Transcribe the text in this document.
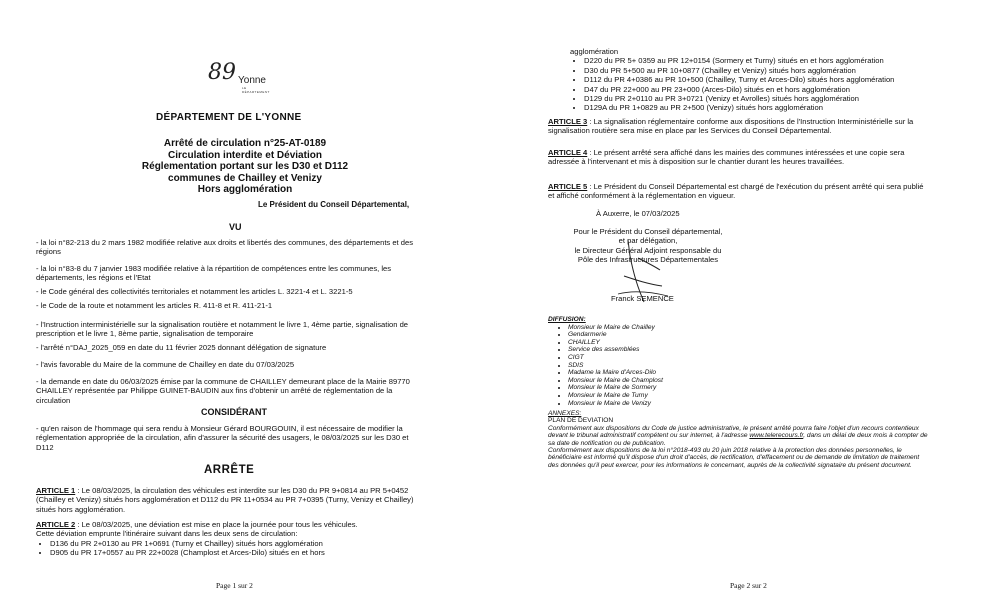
89 Yonne
LE DÉPARTEMENT
DÉPARTEMENT DE L'YONNE
Arrêté de circulation n°25-AT-0189
Circulation interdite et Déviation
Réglementation portant sur les D30 et D112
communes de Chailley et Venizy
Hors agglomération
Le Président du Conseil Départemental,
VU
- la loi n°82-213 du 2 mars 1982 modifiée relative aux droits et libertés des communes, des départements et des régions
- la loi n°83-8 du 7 janvier 1983 modifiée relative à la répartition de compétences entre les communes, les départements, les régions et l'Etat
- le Code général des collectivités territoriales et notamment les articles L. 3221-4 et L. 3221-5
- le Code de la route et notamment les articles R. 411-8 et R. 411-21-1
- l'Instruction interministérielle sur la signalisation routière et notamment le livre 1, 4ème partie, signalisation de prescription et le livre 1, 8ème partie, signalisation de temporaire
- l'arrêté n°DAJ_2025_059 en date du 11 février 2025 donnant délégation de signature
- l'avis favorable du Maire de la commune de Chailley en date du 07/03/2025
- la demande en date du 06/03/2025 émise par la commune de CHAILLEY demeurant place de la Mairie 89770 CHAILLEY représentée par Philippe GUINET-BAUDIN aux fins d'obtenir un arrêté de réglementation de la circulation
CONSIDÉRANT
- qu'en raison de l'hommage qui sera rendu à Monsieur Gérard BOURGOUIN, il est nécessaire de modifier la réglementation appropriée de la circulation, afin d'assurer la sécurité des usagers, le 08/03/2025 sur les D30 et D112
ARRÊTE
ARTICLE 1 : Le 08/03/2025, la circulation des véhicules est interdite sur les D30 du PR 9+0814 au PR 5+0452 (Chailley et Venizy) situés hors agglomération et D112 du PR 11+0534 au PR 7+0395 (Turny, Venizy et Chailley) situés hors agglomération.
ARTICLE 2 : Le 08/03/2025, une déviation est mise en place la journée pour tous les véhicules.
Cette déviation emprunte l'itinéraire suivant dans les deux sens de circulation:
• D136 du PR 2+0130 au PR 1+0691 (Turny et Chailley) situés hors agglomération
• D905 du PR 17+0557 au PR 22+0028 (Champlost et Arces-Dilo) situés en et hors
Page 1 sur 2
agglomération
• D220 du PR 5+ 0359 au PR 12+0154 (Sormery et Turny) situés en et hors agglomération
• D30 du PR 5+500 au PR 10+0877 (Chailley et Venizy) situés hors agglomération
• D112 du PR 4+0386 au PR 10+500 (Chailley, Turny et Arces-Dilo) situés hors agglomération
• D47 du PR 22+000 au PR 23+000 (Arces-Dilo) situés en et hors agglomération
• D129 du PR 2+0110 au PR 3+0721 (Venizy et Avrolles) situés hors agglomération
• D129A du PR 1+0829 au PR 2+500 (Venizy) situés hors agglomération
ARTICLE 3 : La signalisation réglementaire conforme aux dispositions de l'Instruction Interministérielle sur la signalisation routière sera mise en place par les Services du Conseil Départemental.
ARTICLE 4 : Le présent arrêté sera affiché dans les mairies des communes intéressées et une copie sera adressée à l'intervenant et mis à disposition sur le chantier durant les heures travaillées.
ARTICLE 5 : Le Président du Conseil Départemental est chargé de l'exécution du présent arrêté qui sera publié et affiché conformément à la réglementation en vigueur.
À Auxerre, le 07/03/2025
Pour le Président du Conseil départemental,
et par délégation,
le Directeur Général Adjoint responsable du
Pôle des Infrastructures Départementales
Franck SEMENCE
DIFFUSION:
• Monsieur le Maire de Chailley
• Gendarmerie
• CHAILLEY
• Service des assemblées
• CIGT
• SDIS
• Madame la Maire d'Arces-Dilo
• Monsieur le Maire de Champlost
• Monsieur le Maire de Sormery
• Monsieur le Maire de Turny
• Monsieur le Maire de Venizy
ANNEXES:
PLAN DE DEVIATION
Conformément aux dispositions du Code de justice administrative, le présent arrêté pourra faire l'objet d'un recours contentieux devant le tribunal administratif compétent ou sur internet, à l'adresse www.telerecours.fr, dans un délai de deux mois à compter de sa date de notification ou de publication.
Conformément aux dispositions de la loi n°2018-493 du 20 juin 2018 relative à la protection des données personnelles, le bénéficiaire est informé qu'il dispose d'un droit d'accès, de rectification, d'effacement ou de demande de limitation de traitement des données qu'il peut exercer, pour les informations le concernant, auprès de la collectivité signataire du présent document.
Page 2 sur 2
